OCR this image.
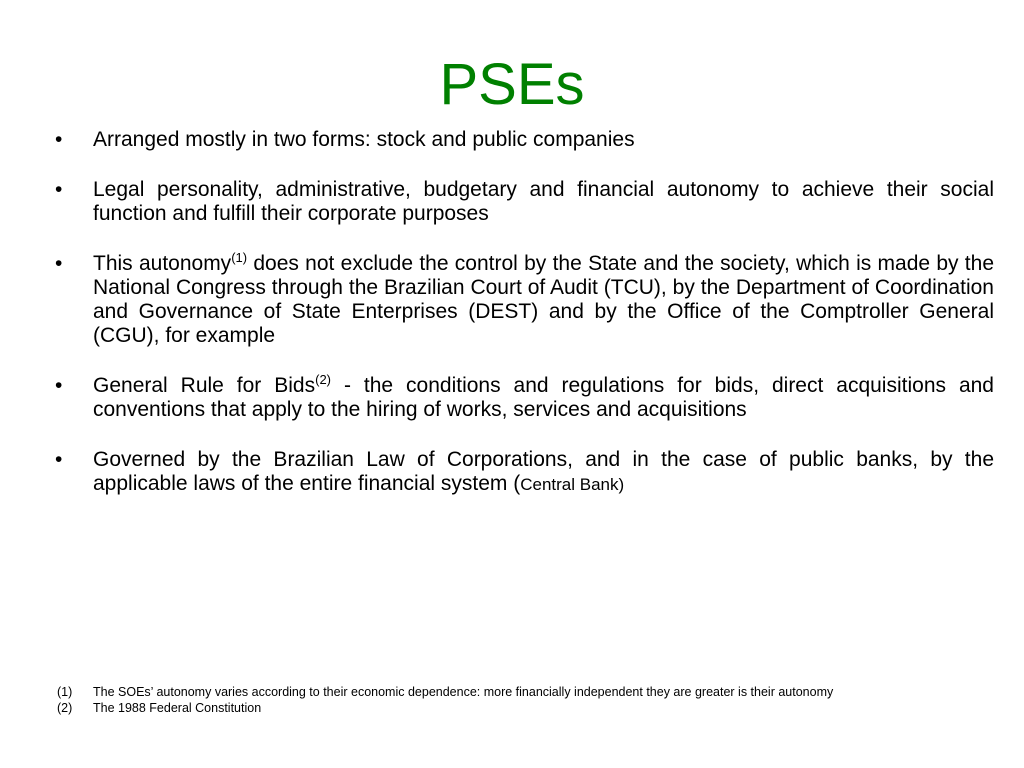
PSEs
•	Arranged mostly in two forms: stock and public companies
•	Legal personality, administrative, budgetary and financial autonomy to achieve their social function and fulfill their corporate purposes
•	This autonomy$^{(1)}$ does not exclude the control by the State and the society, which is made by the National Congress through the Brazilian Court of Audit (TCU), by the Department of Coordination and Governance of State Enterprises (DEST) and by the Office of the Comptroller General (CGU), for example
•	General Rule for Bids$^{(2)}$ - the conditions and regulations for bids, direct acquisitions and conventions that apply to the hiring of works, services and acquisitions
•	Governed by the Brazilian Law of Corporations, and in the case of public banks, by the applicable laws of the entire financial system (Central Bank)
(1) The SOEs’ autonomy varies according to their economic dependence: more financially independent they are greater is their autonomy
(2) The 1988 Federal Constitution
